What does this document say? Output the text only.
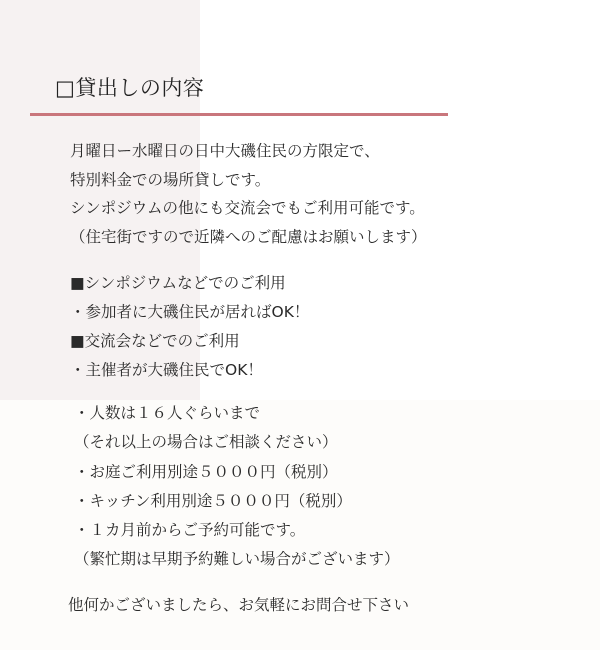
□貸出しの内容
月曜日ー水曜日の日中大磯住民の方限定で、
特別料金での場所貸しです。
シンポジウムの他にも交流会でもご利用可能です。
（住宅街ですので近隣へのご配慮はお願いします）
■シンポジウムなどでのご利用
・参加者に大磯住民が居ればOK！
■交流会などでのご利用
・主催者が大磯住民でOK！
・人数は１６人ぐらいまで
（それ以上の場合はご相談ください）
・お庭ご利用別途５０００円（税別）
・キッチン利用別途５０００円（税別）
・１カ月前からご予約可能です。
（繁忙期は早期予約難しい場合がございます）
他何かございましたら、お気軽にお問合せ下さい
